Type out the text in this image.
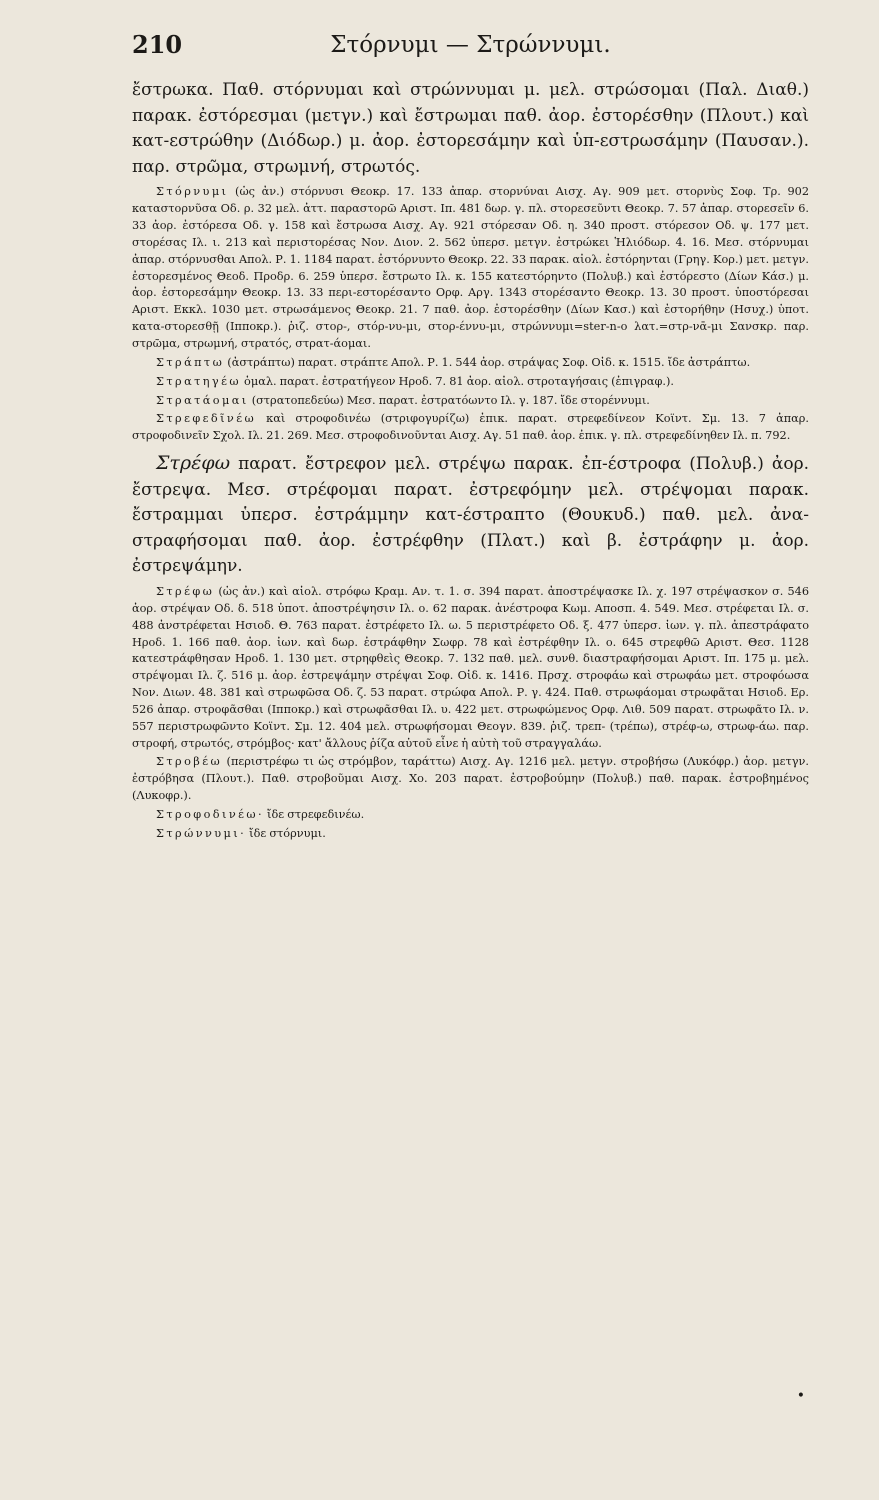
210	Στόρνυμι — Στρώννυμι.

ἔστρωκα. Παθ. στόρνυμαι καὶ στρώννυμαι μ. μελ. στρώσομαι (Παλ. Διαθ.) παρακ. ἐστόρεσμαι (μετγν.) καὶ ἔστρωμαι παθ. ἀορ. ἐστορέσθην (Πλουτ.) καὶ κατ-εστρώθην (Διόδωρ.) μ. ἀορ. ἐστορεσάμην καὶ ὑπ-εστρωσάμην (Παυσαν.). παρ. στρῶμα, στρωμνή, στρωτός.

Στόρνυμι (ὡς ἀν.) στόρνυσι Θεοκρ. 17. 133 ἀπαρ. στορνύναι Αισχ. Αγ. 909 μετ. στορνὺς Σοφ. Τρ. 902 καταστορνῦσα Οδ. ρ. 32 μελ. ἀττ. παραστορῶ Αριστ. Ιπ. 481 δωρ. γ. πλ. στορεσεῦντι Θεοκρ. 7. 57 ἀπαρ. στορεσεῖν 6. 33 ἀορ. ἐστόρεσα Οδ. γ. 158 καὶ ἔστρωσα Αισχ. Αγ. 921 στόρεσαν Οδ. η. 340 προστ. στόρεσον Οδ. ψ. 177 μετ. στορέσας Ιλ. ι. 213 καὶ περιστορέσας Νον. Διον. 2. 562 ὑπερσ. μετγν. ἐστρώκει Ἡλιόδωρ. 4. 16. Μεσ. στόρνυμαι ἀπαρ. στόρνυσθαι Απολ. Ρ. 1. 1184 παρατ. ἐστόρνυντο Θεοκρ. 22. 33 παρακ. αἰολ. ἐστόρηνται (Γρηγ. Κορ.) μετ. μετγν. ἐστορεσμένος Θεοδ. Προδρ. 6. 259 ὑπερσ. ἔστρωτο Ιλ. κ. 155 κατεστόρηντο (Πολυβ.) καὶ ἐστόρεστο (Δίων Κάσ.) μ. ἀορ. ἐστορεσάμην Θεοκρ. 13. 33 περι-εστορέσαντο Ορφ. Αργ. 1343 στορέσαντο Θεοκρ. 13. 30 προστ. ὑποστόρεσαι Αριστ. Εκκλ. 1030 μετ. στρωσάμενος Θεοκρ. 21. 7 παθ. ἀορ. ἐστορέσθην (Δίων Κασ.) καὶ ἐστορήθην (Ησυχ.) ὑποτ. κατα-στορεσθῇ (Ιπποκρ.). ῥιζ. στορ-, στόρ-νυ-μι, στορ-έννυ-μι, στρώννυμι=ster-n-o λατ.=στρ-νᾱ-μι Σανσκρ. παρ. στρῶμα, στρωμνή, στρατός, στρατ-άομαι.

Στράπτω (ἀστράπτω) παρατ. στράπτε Απολ. Ρ. 1. 544 ἀορ. στράψας Σοφ. Οἰδ. κ. 1515. ἴδε ἀστράπτω.

Στρατηγέω ὁμαλ. παρατ. ἐστρατήγεον Ηροδ. 7. 81 ἀορ. αἰολ. στροταγήσαις (ἐπιγραφ.).

Στρατάομαι (στρατοπεδεύω) Μεσ. παρατ. ἐστρατόωντο Ιλ. γ. 187. ἴδε στορέννυμι.

Στρεφεδῖνέω καὶ στροφοδινέω (στριφογυρίζω) ἐπικ. παρατ. στρεφεδίνεον Κοϊντ. Σμ. 13. 7 ἀπαρ. στροφοδινεῖν Σχολ. Ιλ. 21. 269. Μεσ. στροφοδινοῦνται Αισχ. Αγ. 51 παθ. ἀορ. ἐπικ. γ. πλ. στρεφεδίνηθεν Ιλ. π. 792.

Στρέφω παρατ. ἔστρεφον μελ. στρέψω παρακ. ἐπ-έστροφα (Πολυβ.) ἀορ. ἔστρεψα. Μεσ. στρέφομαι παρατ. ἐστρεφόμην μελ. στρέψομαι παρακ. ἔστραμμαι ὑπερσ. ἐστράμμην κατ-έστραπτο (Θουκυδ.) παθ. μελ. ἀνα-στραφήσομαι παθ. ἀορ. ἐστρέφθην (Πλατ.) καὶ β. ἐστράφην μ. ἀορ. ἐστρεψάμην.

Στρέφω (ὡς ἀν.) καὶ αἰολ. στρόφω Κραμ. Αν. τ. 1. σ. 394 παρατ. ἀποστρέψασκε Ιλ. χ. 197 στρέψασκον σ. 546 ἀορ. στρέψαν Οδ. δ. 518 ὑποτ. ἀποστρέψησιν Ιλ. ο. 62 παρακ. ἀνέστροφα Κωμ. Αποσπ. 4. 549. Μεσ. στρέφεται Ιλ. σ. 488 ἀνστρέφεται Ησιοδ. Θ. 763 παρατ. ἐστρέφετο Ιλ. ω. 5 περιστρέφετο Οδ. ξ. 477 ὑπερσ. ἰων. γ. πλ. ἀπεστράφατο Ηροδ. 1. 166 παθ. ἀορ. ἰων. καὶ δωρ. ἐστράφθην Σωφρ. 78 καὶ ἐστρέφθην Ιλ. ο. 645 στρεφθῶ Αριστ. Θεσ. 1128 κατεστράφθησαν Ηροδ. 1. 130 μετ. στρηφθεὶς Θεοκρ. 7. 132 παθ. μελ. συνθ. διαστραφήσομαι Αριστ. Ιπ. 175 μ. μελ. στρέψομαι Ιλ. ζ. 516 μ. ἀορ. ἐστρεψάμην στρέψαι Σοφ. Οἰδ. κ. 1416. Πρσχ. στροφάω καὶ στρωφάω μετ. στροφόωσα Νον. Διων. 48. 381 καὶ στρωφῶσα Οδ. ζ. 53 παρατ. στρώφα Απολ. Ρ. γ. 424. Παθ. στρωφάομαι στρωφᾶται Ησιοδ. Ερ. 526 ἀπαρ. στροφᾶσθαι (Ιπποκρ.) καὶ στρωφᾶσθαι Ιλ. υ. 422 μετ. στρωφώμενος Ορφ. Λιθ. 509 παρατ. στρωφᾶτο Ιλ. ν. 557 περιστρωφῶντο Κοϊντ. Σμ. 12. 404 μελ. στρωφήσομαι Θεογν. 839. ῥιζ. τρεπ- (τρέπω), στρέφ-ω, στρωφ-άω. παρ. στροφή, στρωτός, στρόμβος· κατ' ἄλλους ῥίζα αὐτοῦ εἶνε ἡ αὐτὴ τοῦ στραγγαλάω.

Στροβέω (περιστρέφω τι ὡς στρόμβον, ταράττω) Αισχ. Αγ. 1216 μελ. μετγν. στροβήσω (Λυκόφρ.) ἀορ. μετγν. ἐστρόβησα (Πλουτ.). Παθ. στροβοῦμαι Αισχ. Χο. 203 παρατ. ἐστροβούμην (Πολυβ.) παθ. παρακ. ἐστροβημένος (Λυκοφρ.).

Στροφοδινέω· ἴδε στρεφεδινέω.

Στρώννυμι· ἴδε στόρνυμι.

•
